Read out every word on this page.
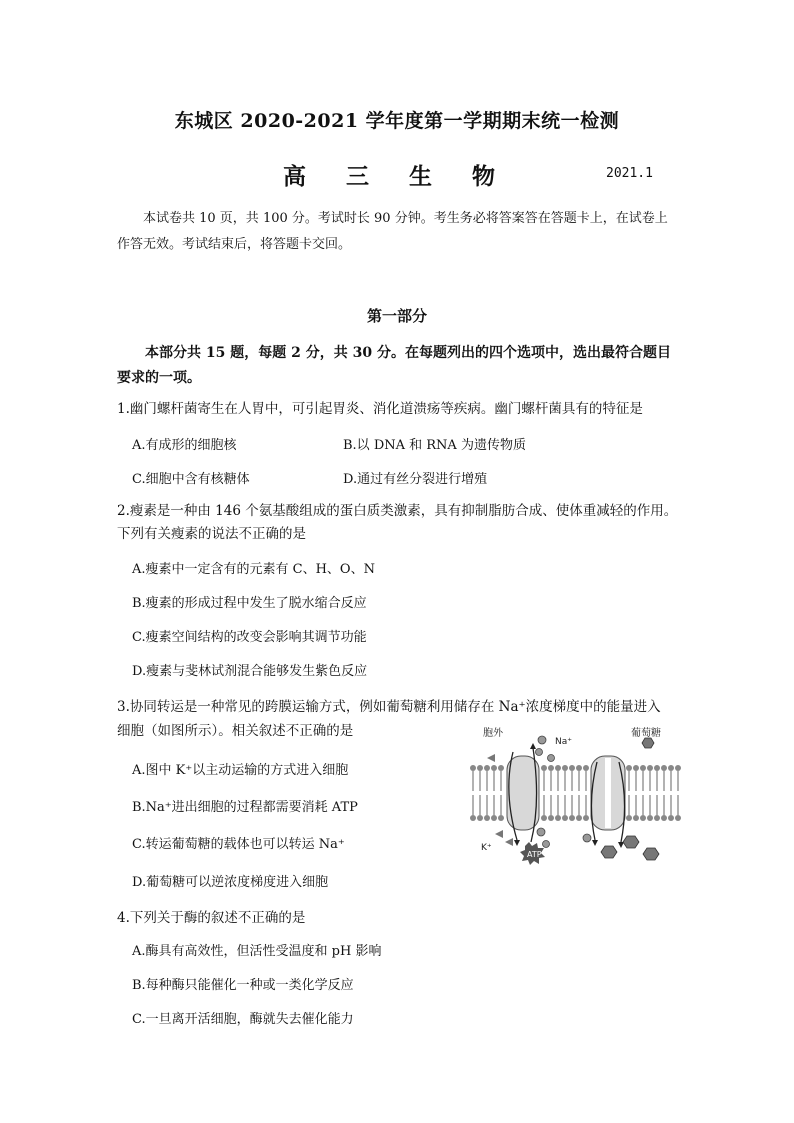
东城区 2020-2021 学年度第一学期期末统一检测
高 三 生 物	2021.1
本试卷共 10 页，共 100 分。考试时长 90 分钟。考生务必将答案答在答题卡上，在试卷上作答无效。考试结束后，将答题卡交回。
第一部分
本部分共 15 题，每题 2 分，共 30 分。在每题列出的四个选项中，选出最符合题目要求的一项。
1.幽门螺杆菌寄生在人胃中，可引起胃炎、消化道溃疡等疾病。幽门螺杆菌具有的特征是
A.有成形的细胞核	B.以 DNA 和 RNA 为遗传物质
C.细胞中含有核糖体	D.通过有丝分裂进行增殖
2.瘦素是一种由 146 个氨基酸组成的蛋白质类激素，具有抑制脂肪合成、使体重减轻的作用。
下列有关瘦素的说法不正确的是
A.瘦素中一定含有的元素有 C、H、O、N
B.瘦素的形成过程中发生了脱水缩合反应
C.瘦素空间结构的改变会影响其调节功能
D.瘦素与斐林试剂混合能够发生紫色反应
3.协同转运是一种常见的跨膜运输方式，例如葡萄糖利用储存在 Na⁺浓度梯度中的能量进入
细胞（如图所示）。相关叙述不正确的是
A.图中 K⁺以主动运输的方式进入细胞
B.Na⁺进出细胞的过程都需要消耗 ATP
C.转运葡萄糖的载体也可以转运 Na⁺
D.葡萄糖可以逆浓度梯度进入细胞
胞外
Na⁺
葡萄糖
K⁺
ATP
4.下列关于酶的叙述不正确的是
A.酶具有高效性，但活性受温度和 pH 影响
B.每种酶只能催化一种或一类化学反应
C.一旦离开活细胞，酶就失去催化能力
